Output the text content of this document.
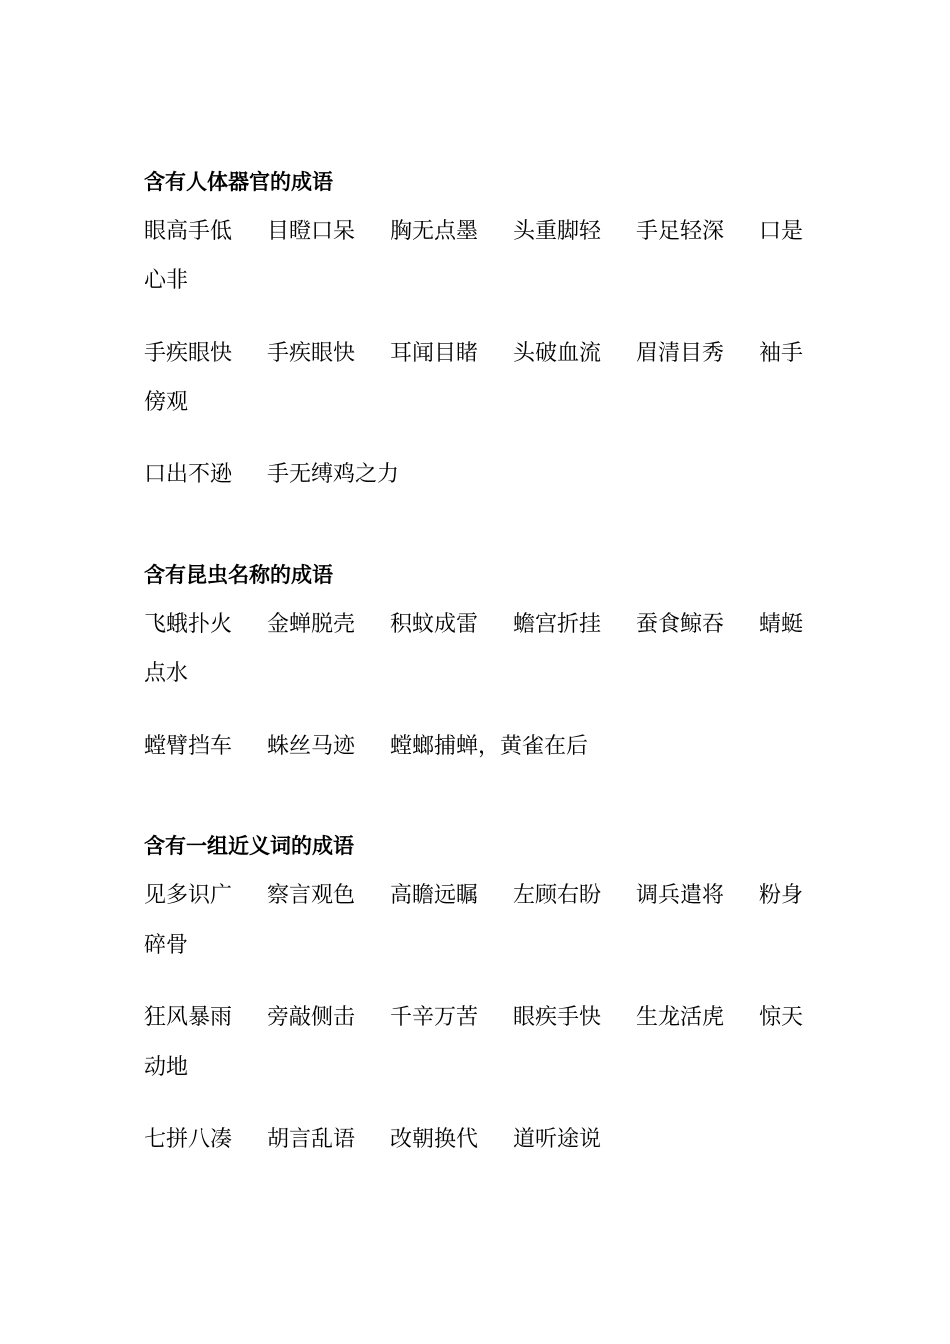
含有人体器官的成语
眼高手低 目瞪口呆 胸无点墨 头重脚轻 手足轻深 口是
心非
手疾眼快 手疾眼快 耳闻目睹 头破血流 眉清目秀 袖手
傍观
口出不逊 手无缚鸡之力
含有昆虫名称的成语
飞蛾扑火 金蝉脱壳 积蚊成雷 蟾宫折挂 蚕食鲸吞 蜻蜓
点水
螳臂挡车 蛛丝马迹 螳螂捕蝉，黄雀在后
含有一组近义词的成语
见多识广 察言观色 高瞻远瞩 左顾右盼 调兵遣将 粉身
碎骨
狂风暴雨 旁敲侧击 千辛万苦 眼疾手快 生龙活虎 惊天
动地
七拼八凑 胡言乱语 改朝换代 道听途说
